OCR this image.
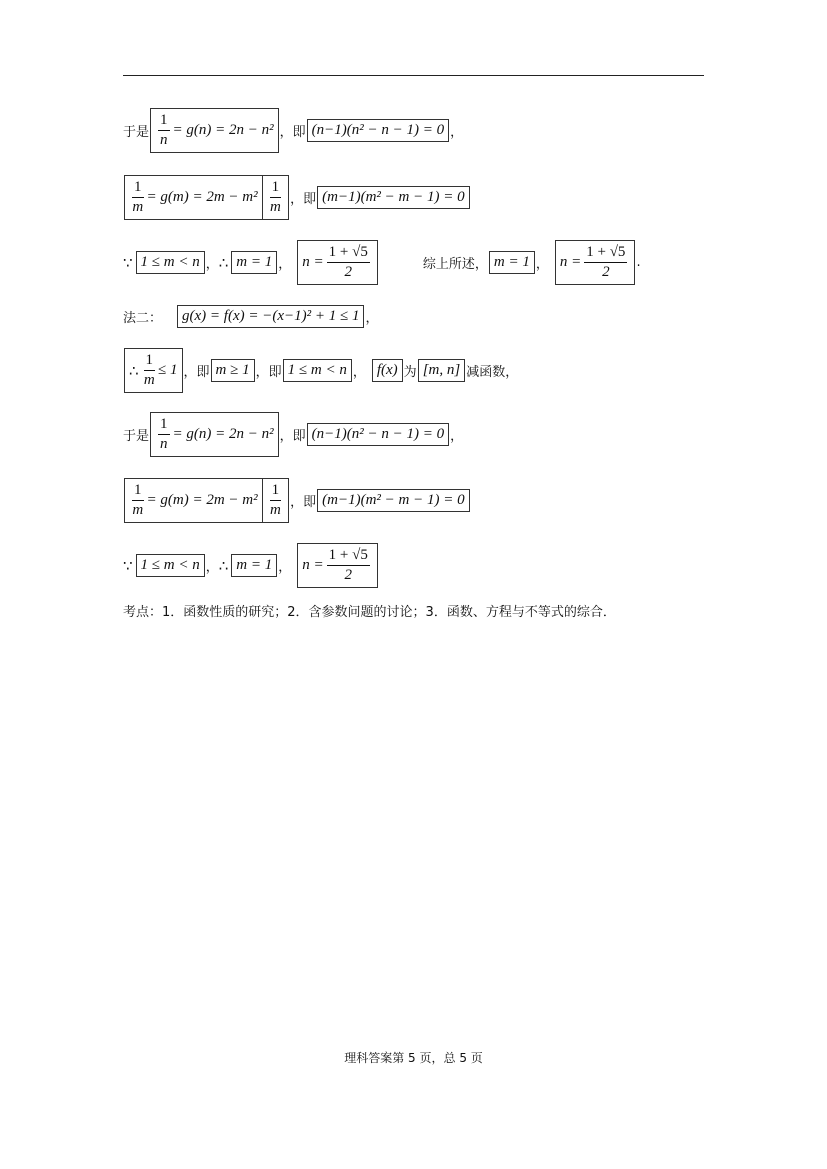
于是 $\frac{1}{n} = g(n) = 2n - n^2$ ，即 (n−1)(n² − n − 1) = 0 ，
$\frac{1}{m} = g(m) = 2m - m^2 \frac{1}{m}$ ，即 (m−1)(m² − m − 1) = 0
∵ 1 ≤ m < n ， ∴ m = 1 ， $n = \frac{1 + √5}{2}$	综上所述， m = 1 ， $n = \frac{1 + √5}{2}$ .
法二：	g(x) = f(x) = −(x−1)² + 1 ≤ 1 ，
∴ $\frac{1}{m} \le 1$ ，即 m ≥ 1 ，即 1 ≤ m < n ， f(x) 为 [m, n] 减函数，
于是 $\frac{1}{n} = g(n) = 2n - n^2$ ，即 (n−1)(n² − n − 1) = 0 ，
$\frac{1}{m} = g(m) = 2m - m^2 \frac{1}{m}$ ，即 (m−1)(m² − m − 1) = 0
∵ 1 ≤ m < n ， ∴ m = 1 ， $n = \frac{1 + √5}{2}$
考点：1．函数性质的研究；2．含参数问题的讨论；3．函数、方程与不等式的综合．
理科答案第 5 页，总 5 页
